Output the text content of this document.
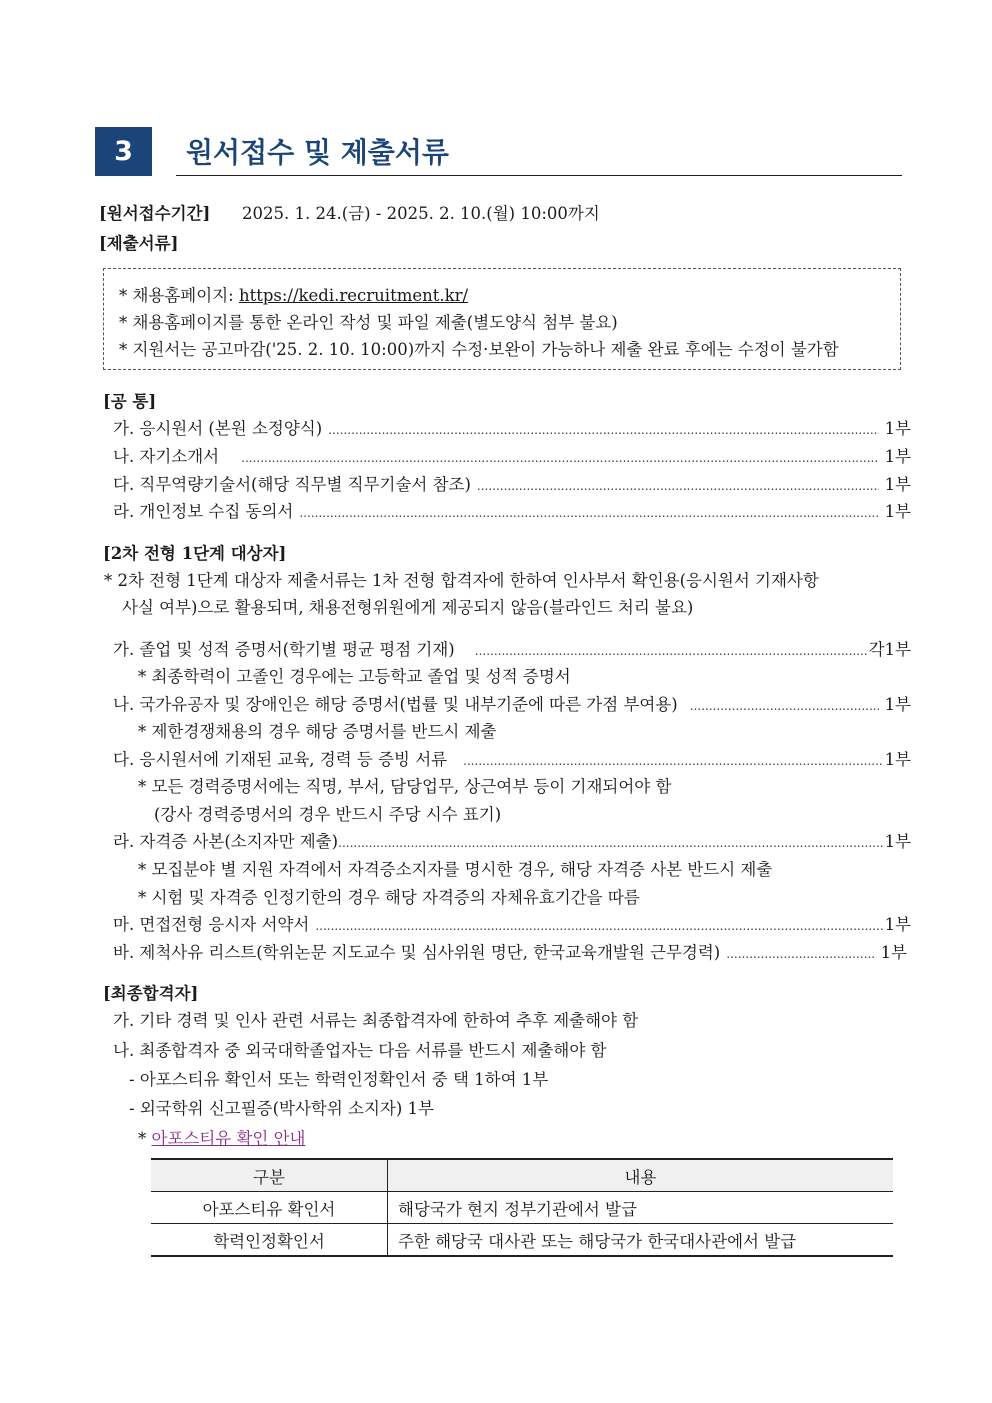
3	원서접수 및 제출서류
[원서접수기간] 2025. 1. 24.(금) - 2025. 2. 10.(월) 10:00까지
[제출서류]
* 채용홈페이지: https://kedi.recruitment.kr/
* 채용홈페이지를 통한 온라인 작성 및 파일 제출(별도양식 첨부 불요)
* 지원서는 공고마감('25. 2. 10. 10:00)까지 수정·보완이 가능하나 제출 완료 후에는 수정이 불가함
[공 통]
가. 응시원서 (본원 소정양식) .....	1부
나. 자기소개서 .....	1부
다. 직무역량기술서(해당 직무별 직무기술서 참조) .....	1부
라. 개인정보 수집 동의서 .....	1부
[2차 전형 1단계 대상자]
* 2차 전형 1단계 대상자 제출서류는 1차 전형 합격자에 한하여 인사부서 확인용(응시원서 기재사항
사실 여부)으로 활용되며, 채용전형위원에게 제공되지 않음(블라인드 처리 불요)
가. 졸업 및 성적 증명서(학기별 평균 평점 기재) .....	각1부
* 최종학력이 고졸인 경우에는 고등학교 졸업 및 성적 증명서
나. 국가유공자 및 장애인은 해당 증명서(법률 및 내부기준에 따른 가점 부여용) .....	1부
* 제한경쟁채용의 경우 해당 증명서를 반드시 제출
다. 응시원서에 기재된 교육, 경력 등 증빙 서류 .....	1부
* 모든 경력증명서에는 직명, 부서, 담당업무, 상근여부 등이 기재되어야 함
(강사 경력증명서의 경우 반드시 주당 시수 표기)
라. 자격증 사본(소지자만 제출) .....	1부
* 모집분야 별 지원 자격에서 자격증소지자를 명시한 경우, 해당 자격증 사본 반드시 제출
* 시험 및 자격증 인정기한의 경우 해당 자격증의 자체유효기간을 따름
마. 면접전형 응시자 서약서 .....	1부
바. 제척사유 리스트(학위논문 지도교수 및 심사위원 명단, 한국교육개발원 근무경력) .....	1부
[최종합격자]
가. 기타 경력 및 인사 관련 서류는 최종합격자에 한하여 추후 제출해야 함
나. 최종합격자 중 외국대학졸업자는 다음 서류를 반드시 제출해야 함
- 아포스티유 확인서 또는 학력인정확인서 중 택 1하여 1부
- 외국학위 신고필증(박사학위 소지자) 1부
* 아포스티유 확인 안내
구분	내용
아포스티유 확인서	해당국가 현지 정부기관에서 발급
학력인정확인서	주한 해당국 대사관 또는 해당국가 한국대사관에서 발급
